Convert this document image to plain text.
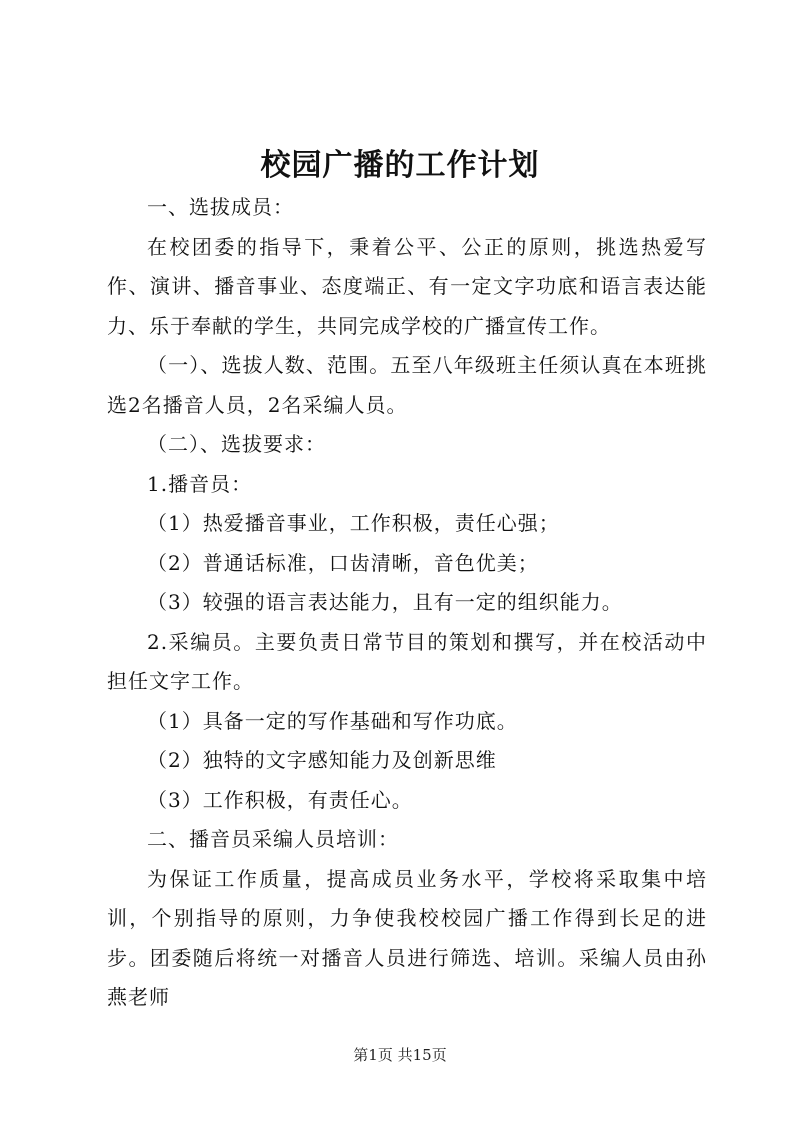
校园广播的工作计划

一、选拔成员：

在校团委的指导下，秉着公平、公正的原则，挑选热爱写作、演讲、播音事业、态度端正、有一定文字功底和语言表达能力、乐于奉献的学生，共同完成学校的广播宣传工作。

（一）、选拔人数、范围。五至八年级班主任须认真在本班挑选2名播音人员，2名采编人员。

（二）、选拔要求：

1.播音员：

（1）热爱播音事业，工作积极，责任心强；

（2）普通话标准，口齿清晰，音色优美；

（3）较强的语言表达能力，且有一定的组织能力。

2.采编员。主要负责日常节目的策划和撰写，并在校活动中担任文字工作。

（1）具备一定的写作基础和写作功底。

（2）独特的文字感知能力及创新思维

（3）工作积极，有责任心。

二、播音员采编人员培训：

为保证工作质量，提高成员业务水平，学校将采取集中培训，个别指导的原则，力争使我校校园广播工作得到长足的进步。团委随后将统一对播音人员进行筛选、培训。采编人员由孙燕老师

第1页 共15页
